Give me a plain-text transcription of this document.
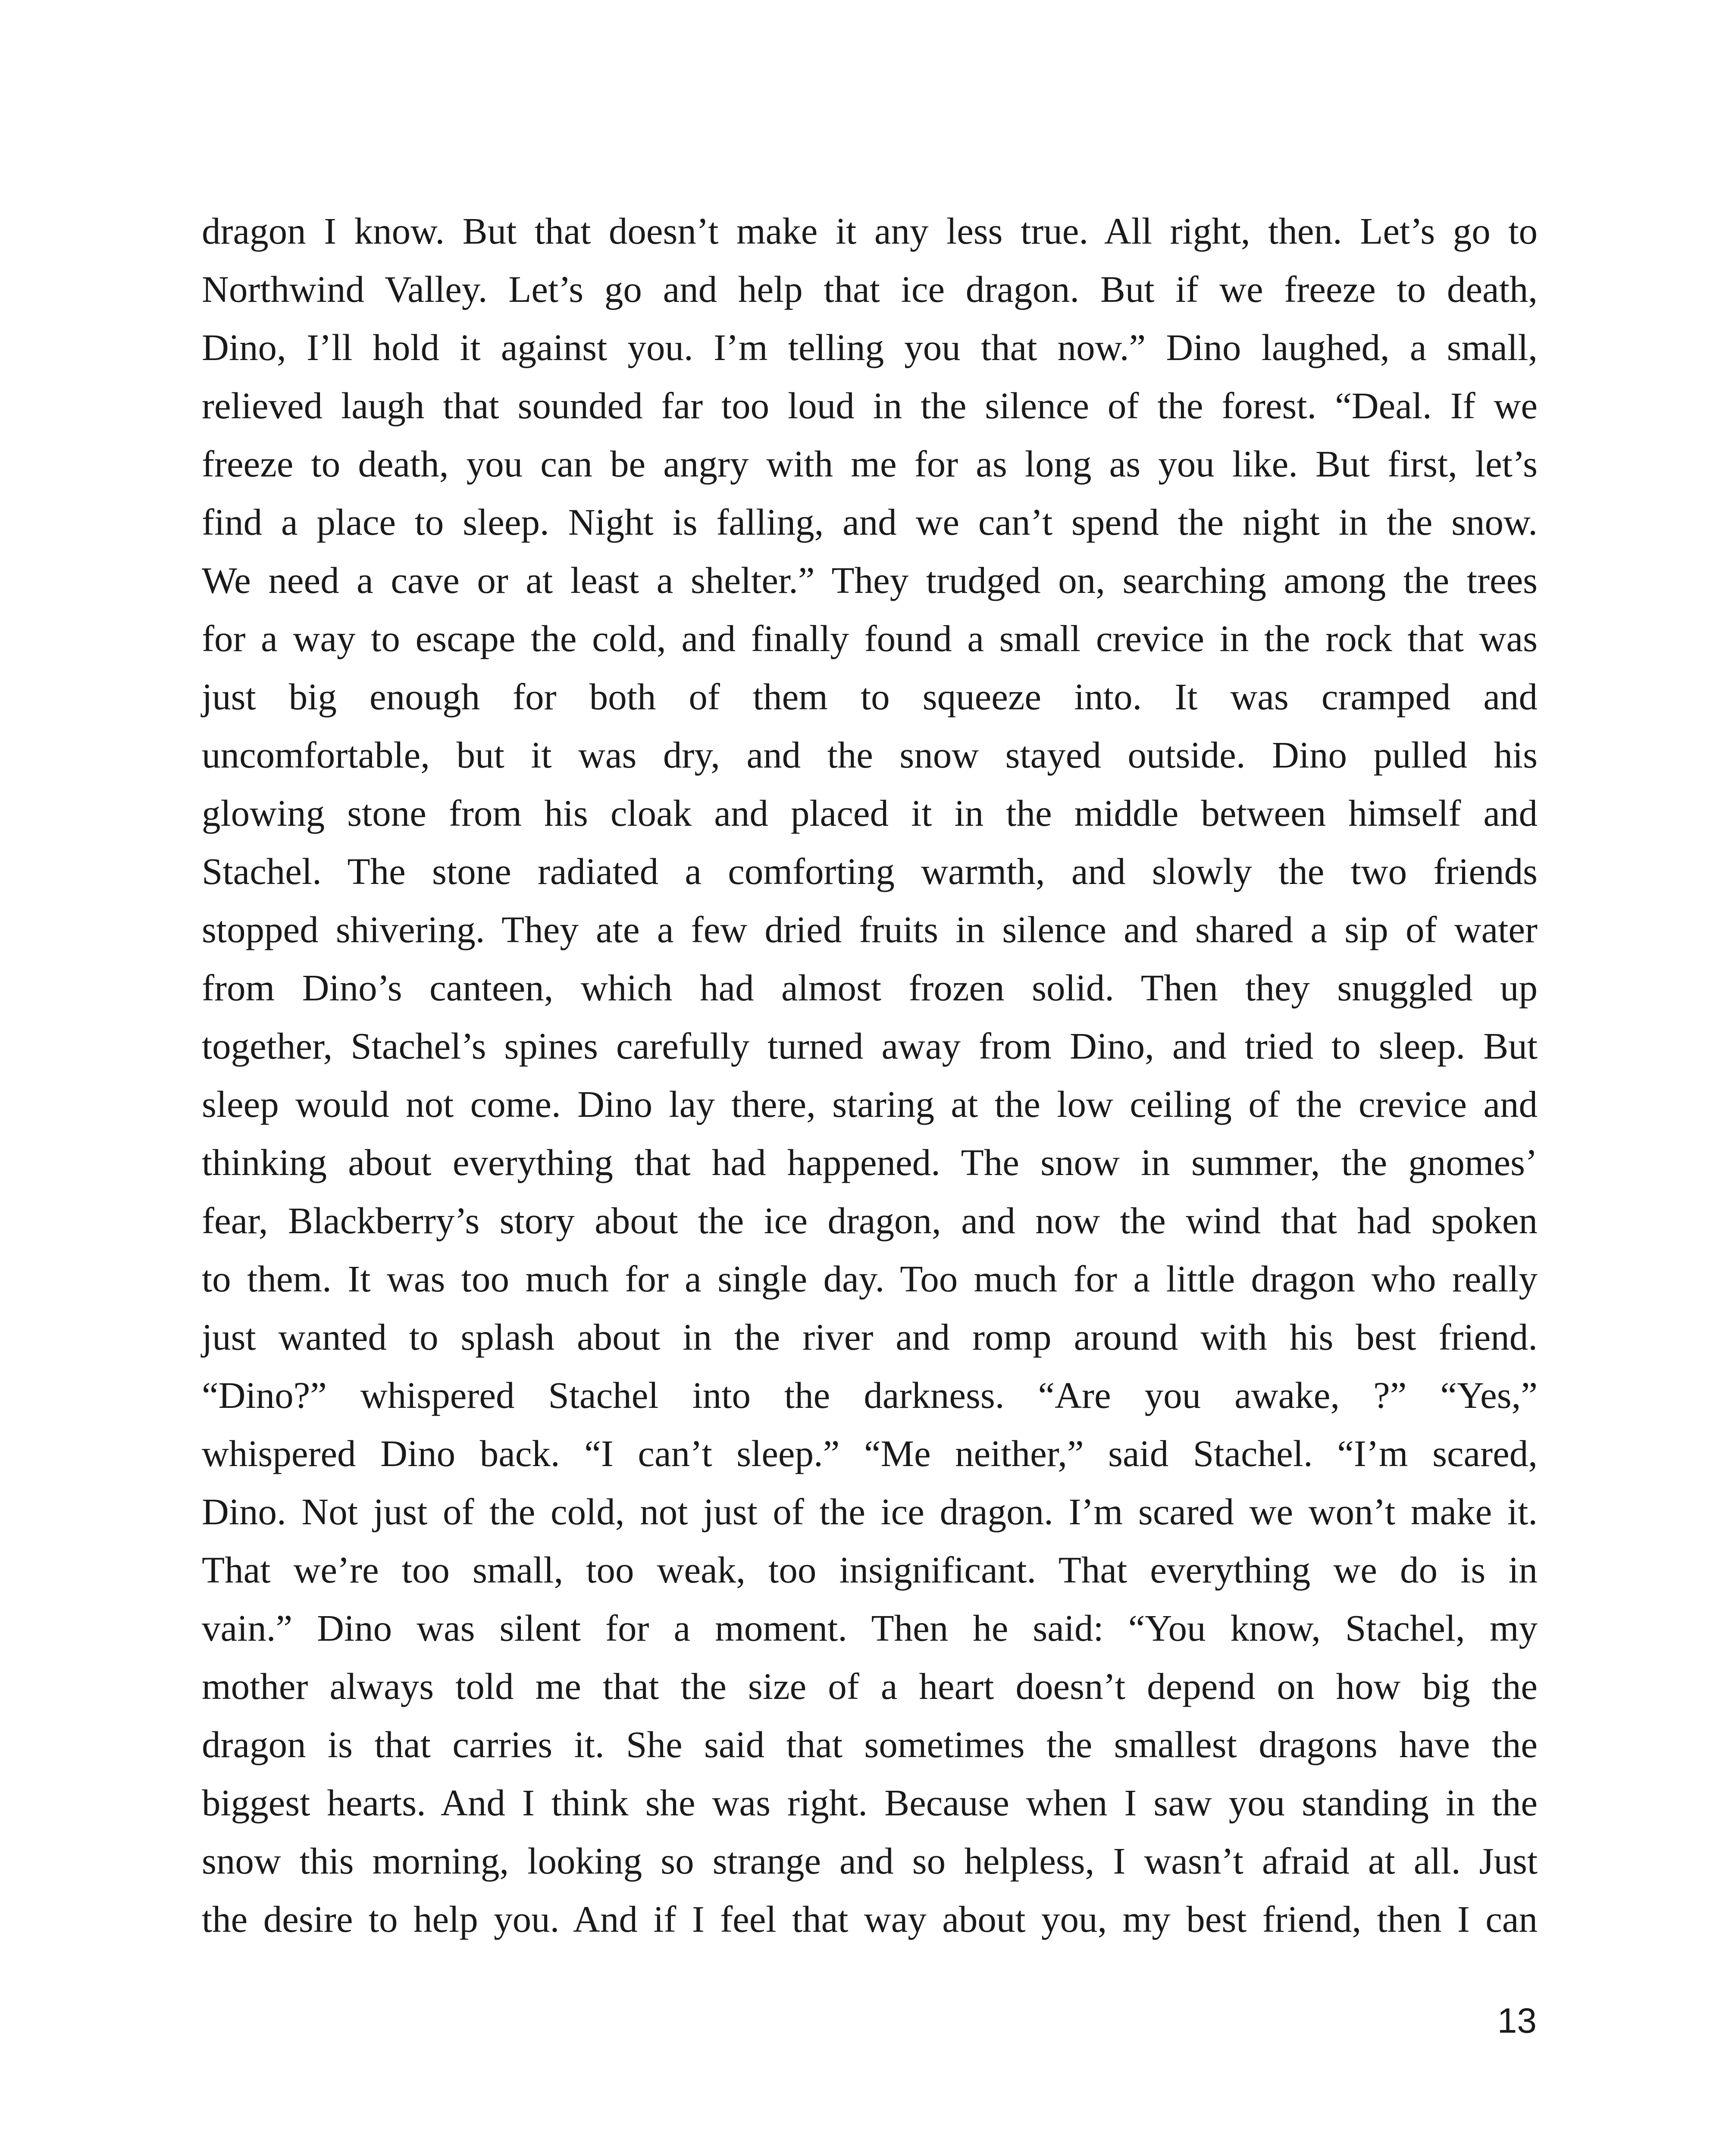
dragon I know. But that doesn’t make it any less true. All right, then. Let’s go to
Northwind Valley. Let’s go and help that ice dragon. But if we freeze to death,
Dino, I’ll hold it against you. I’m telling you that now.” Dino laughed, a small,
relieved laugh that sounded far too loud in the silence of the forest. “Deal. If we
freeze to death, you can be angry with me for as long as you like. But first, let’s
find a place to sleep. Night is falling, and we can’t spend the night in the snow.
We need a cave or at least a shelter.” They trudged on, searching among the trees
for a way to escape the cold, and finally found a small crevice in the rock that was
just big enough for both of them to squeeze into. It was cramped and
uncomfortable, but it was dry, and the snow stayed outside. Dino pulled his
glowing stone from his cloak and placed it in the middle between himself and
Stachel. The stone radiated a comforting warmth, and slowly the two friends
stopped shivering. They ate a few dried fruits in silence and shared a sip of water
from Dino’s canteen, which had almost frozen solid. Then they snuggled up
together, Stachel’s spines carefully turned away from Dino, and tried to sleep. But
sleep would not come. Dino lay there, staring at the low ceiling of the crevice and
thinking about everything that had happened. The snow in summer, the gnomes’
fear, Blackberry’s story about the ice dragon, and now the wind that had spoken
to them. It was too much for a single day. Too much for a little dragon who really
just wanted to splash about in the river and romp around with his best friend.
“Dino?” whispered Stachel into the darkness. “Are you awake, ?” “Yes,”
whispered Dino back. “I can’t sleep.” “Me neither,” said Stachel. “I’m scared,
Dino. Not just of the cold, not just of the ice dragon. I’m scared we won’t make it.
That we’re too small, too weak, too insignificant. That everything we do is in
vain.” Dino was silent for a moment. Then he said: “You know, Stachel, my
mother always told me that the size of a heart doesn’t depend on how big the
dragon is that carries it. She said that sometimes the smallest dragons have the
biggest hearts. And I think she was right. Because when I saw you standing in the
snow this morning, looking so strange and so helpless, I wasn’t afraid at all. Just
the desire to help you. And if I feel that way about you, my best friend, then I can
13
